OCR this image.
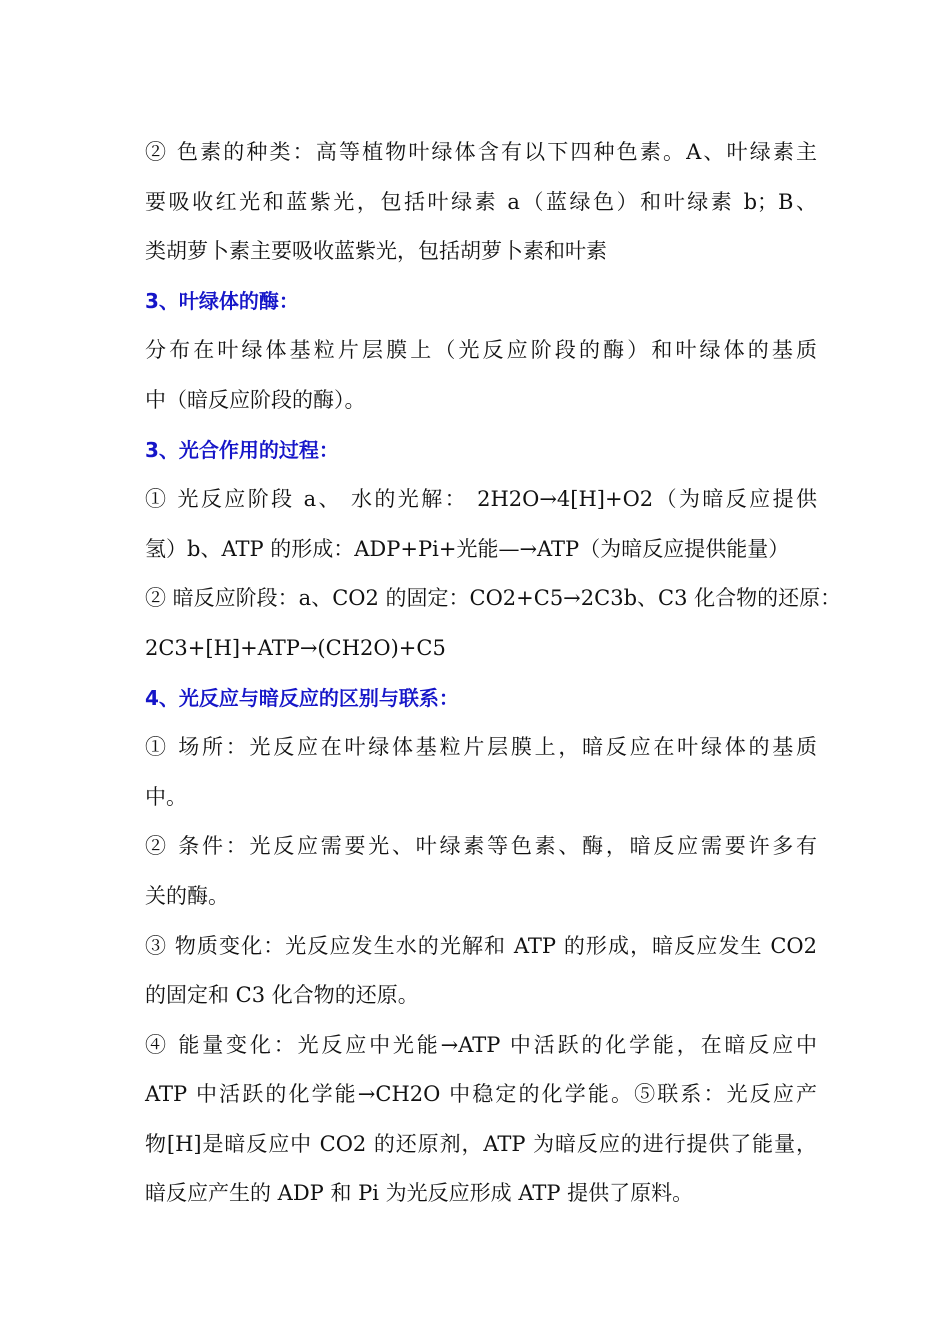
② 色素的种类：高等植物叶绿体含有以下四种色素。A、叶绿素主
要吸收红光和蓝紫光，包括叶绿素 a（蓝绿色）和叶绿素 b；B、
类胡萝卜素主要吸收蓝紫光，包括胡萝卜素和叶素
3、叶绿体的酶：
分布在叶绿体基粒片层膜上（光反应阶段的酶）和叶绿体的基质
中（暗反应阶段的酶）。
3、光合作用的过程：
① 光反应阶段 a、 水的光解： 2H2O→4[H]+O2（为暗反应提供
氢）b、ATP 的形成：ADP+Pi+光能—→ATP（为暗反应提供能量）
② 暗反应阶段：a、CO2 的固定：CO2+C5→2C3b、C3 化合物的还原：
2C3+[H]+ATP→(CH2O)+C5
4、光反应与暗反应的区别与联系：
① 场所：光反应在叶绿体基粒片层膜上，暗反应在叶绿体的基质
中。
② 条件：光反应需要光、叶绿素等色素、酶，暗反应需要许多有
关的酶。
③ 物质变化：光反应发生水的光解和 ATP 的形成，暗反应发生 CO2
的固定和 C3 化合物的还原。
④ 能量变化：光反应中光能→ATP 中活跃的化学能，在暗反应中
ATP 中活跃的化学能→CH2O 中稳定的化学能。⑤联系：光反应产
物[H]是暗反应中 CO2 的还原剂，ATP 为暗反应的进行提供了能量，
暗反应产生的 ADP 和 Pi 为光反应形成 ATP 提供了原料。
